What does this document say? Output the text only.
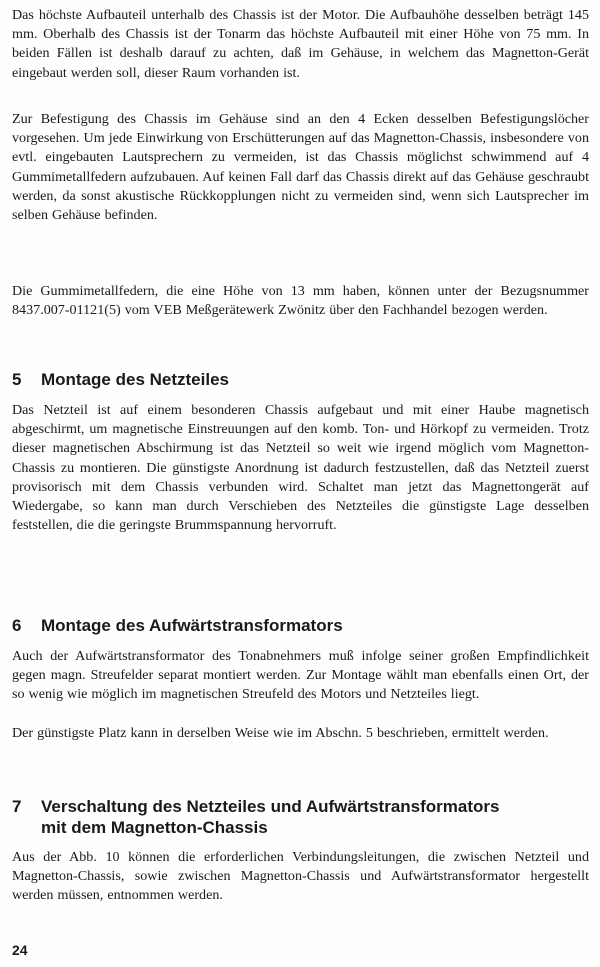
Das höchste Aufbauteil unterhalb des Chassis ist der Motor. Die Aufbauhöhe desselben beträgt 145 mm. Oberhalb des Chassis ist der Tonarm das höchste Aufbauteil mit einer Höhe von 75 mm. In beiden Fällen ist deshalb darauf zu achten, daß im Gehäuse, in welchem das Magnetton-Gerät eingebaut werden soll, dieser Raum vorhanden ist.

Zur Befestigung des Chassis im Gehäuse sind an den 4 Ecken desselben Befestigungslöcher vorgesehen. Um jede Einwirkung von Erschütterungen auf das Magnetton-Chassis, insbesondere von evtl. eingebauten Lautsprechern zu vermeiden, ist das Chassis möglichst schwimmend auf 4 Gummimetallfedern aufzubauen. Auf keinen Fall darf das Chassis direkt auf das Gehäuse geschraubt werden, da sonst akustische Rückkopplungen nicht zu vermeiden sind, wenn sich Lautsprecher im selben Gehäuse befinden.

Die Gummimetallfedern, die eine Höhe von 13 mm haben, können unter der Bezugsnummer 8437.007-01121(5) vom VEB Meßgerätewerk Zwönitz über den Fachhandel bezogen werden.

5 Montage des Netzteiles

Das Netzteil ist auf einem besonderen Chassis aufgebaut und mit einer Haube magnetisch abgeschirmt, um magnetische Einstreuungen auf den komb. Ton- und Hörkopf zu vermeiden. Trotz dieser magnetischen Abschirmung ist das Netzteil so weit wie irgend möglich vom Magnetton-Chassis zu montieren. Die günstigste Anordnung ist dadurch festzustellen, daß das Netzteil zuerst provisorisch mit dem Chassis verbunden wird. Schaltet man jetzt das Magnettongerät auf Wiedergabe, so kann man durch Verschieben des Netzteiles die günstigste Lage desselben feststellen, die die geringste Brummspannung hervorruft.

6 Montage des Aufwärtstransformators

Auch der Aufwärtstransformator des Tonabnehmers muß infolge seiner großen Empfindlichkeit gegen magn. Streufelder separat montiert werden. Zur Montage wählt man ebenfalls einen Ort, der so wenig wie möglich im magnetischen Streufeld des Motors und Netzteiles liegt.

Der günstigste Platz kann in derselben Weise wie im Abschn. 5 beschrieben, ermittelt werden.

7 Verschaltung des Netzteiles und Aufwärtstransformators
mit dem Magnetton-Chassis

Aus der Abb. 10 können die erforderlichen Verbindungsleitungen, die zwischen Netzteil und Magnetton-Chassis, sowie zwischen Magnetton-Chassis und Aufwärtstransformator hergestellt werden müssen, entnommen werden.

24
